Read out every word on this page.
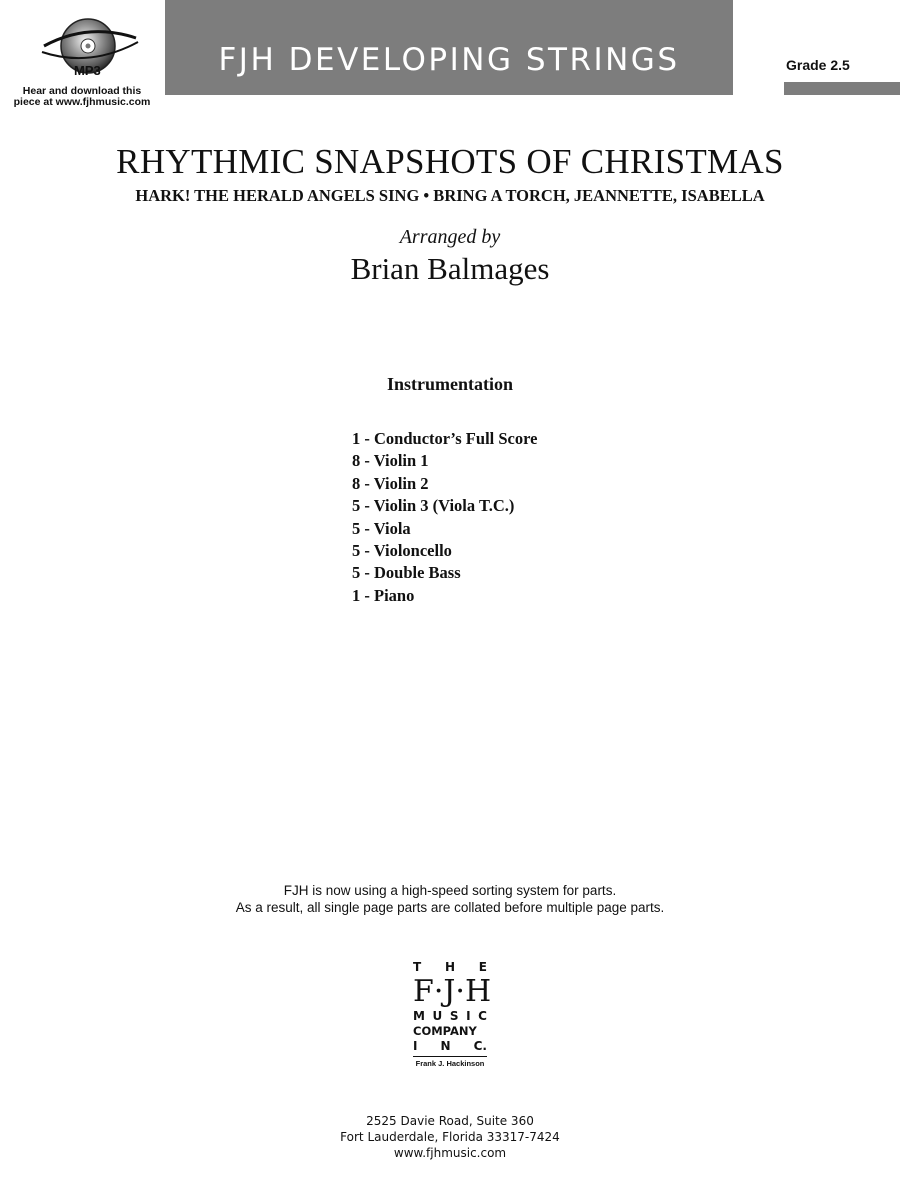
MP3
Hear and download this
piece at www.fjhmusic.com
FJH DEVELOPING STRINGS	Grade 2.5
RHYTHMIC SNAPSHOTS OF CHRISTMAS
HARK! THE HERALD ANGELS SING • BRING A TORCH, JEANNETTE, ISABELLA
Arranged by
Brian Balmages
Instrumentation
1 - Conductor’s Full Score
8 - Violin 1
8 - Violin 2
5 - Violin 3 (Viola T.C.)
5 - Viola
5 - Violoncello
5 - Double Bass
1 - Piano
FJH is now using a high-speed sorting system for parts.
As a result, all single page parts are collated before multiple page parts.
T H E
F · J · H
M U S I C
COMPANY
I N C.
Frank J. Hackinson
2525 Davie Road, Suite 360
Fort Lauderdale, Florida 33317-7424
www.fjhmusic.com
